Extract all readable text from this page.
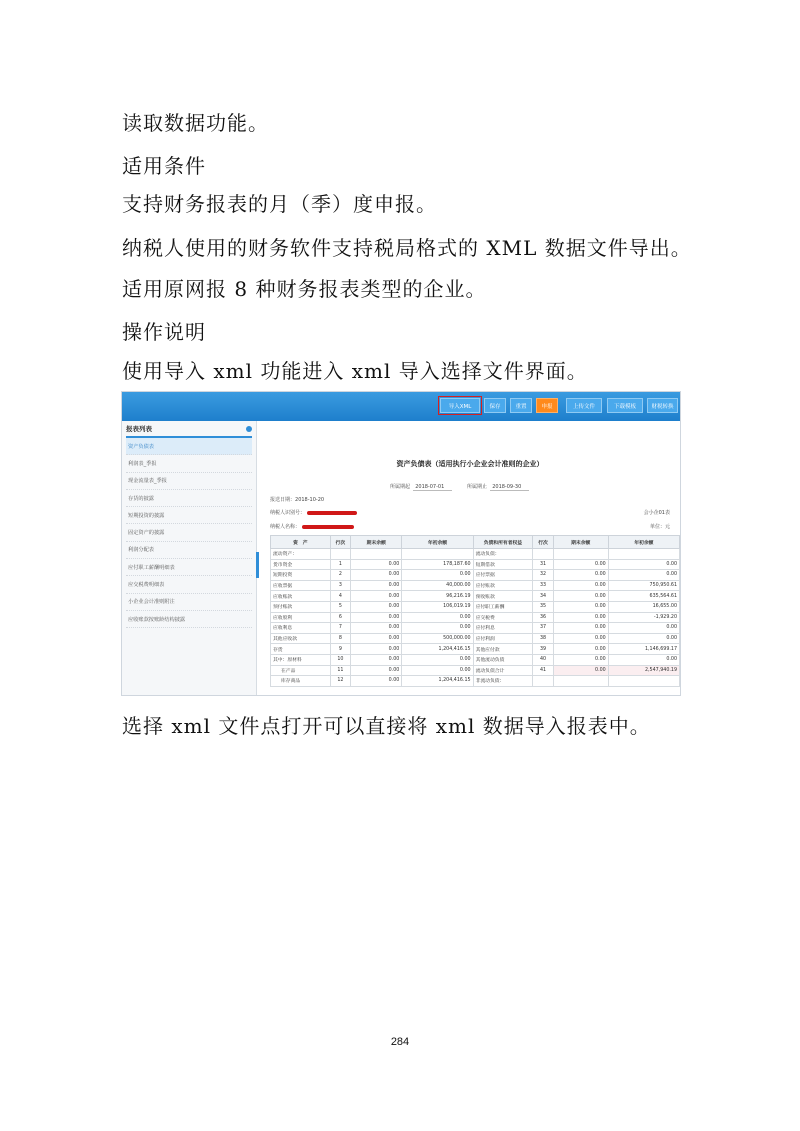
读取数据功能。
适用条件
支持财务报表的月（季）度申报。
纳税人使用的财务软件支持税局格式的 XML 数据文件导出。
适用原网报 8 种财务报表类型的企业。
操作说明
使用导入 xml 功能进入 xml 导入选择文件界面。
导入XML	保存	重置	申报	上传文件	下载模板	财税转换
报表列表
资产负债表
利润表_季报
现金流量表_季报
存货的披露
短期投资的披露
固定资产的披露
利润分配表
应付职工薪酬明细表
应交税费明细表
小企业会计准则附注
应收账款按账龄结构披露
资产负债表（适用执行小企业会计准则的企业）
所属期起 2018-07-01	所属期止 2018-09-30
报送日期：2018-10-20
纳税人识别号：	会小企01表
纳税人名称：	单位：元
资　产	行次	期末余额	年初余额	负债和所有者权益	行次	期末余额	年初余额
流动资产：				流动负债：			
货币资金	1	0.00	178,187.60	短期借款	31	0.00	0.00
短期投资	2	0.00	0.00	应付票据	32	0.00	0.00
应收票据	3	0.00	40,000.00	应付账款	33	0.00	750,950.61
应收账款	4	0.00	96,216.19	预收账款	34	0.00	635,564.61
预付账款	5	0.00	106,019.19	应付职工薪酬	35	0.00	16,655.00
应收股利	6	0.00	0.00	应交税费	36	0.00	-1,929.20
应收利息	7	0.00	0.00	应付利息	37	0.00	0.00
其他应收款	8	0.00	500,000.00	应付利润	38	0.00	0.00
存货	9	0.00	1,204,416.15	其他应付款	39	0.00	1,146,699.17
其中：原材料	10	0.00	0.00	其他流动负债	40	0.00	0.00
在产品	11	0.00	0.00	流动负债合计	41	0.00	2,547,940.19
库存商品	12	0.00	1,204,416.15	非流动负债：			
选择 xml 文件点打开可以直接将 xml 数据导入报表中。
284
